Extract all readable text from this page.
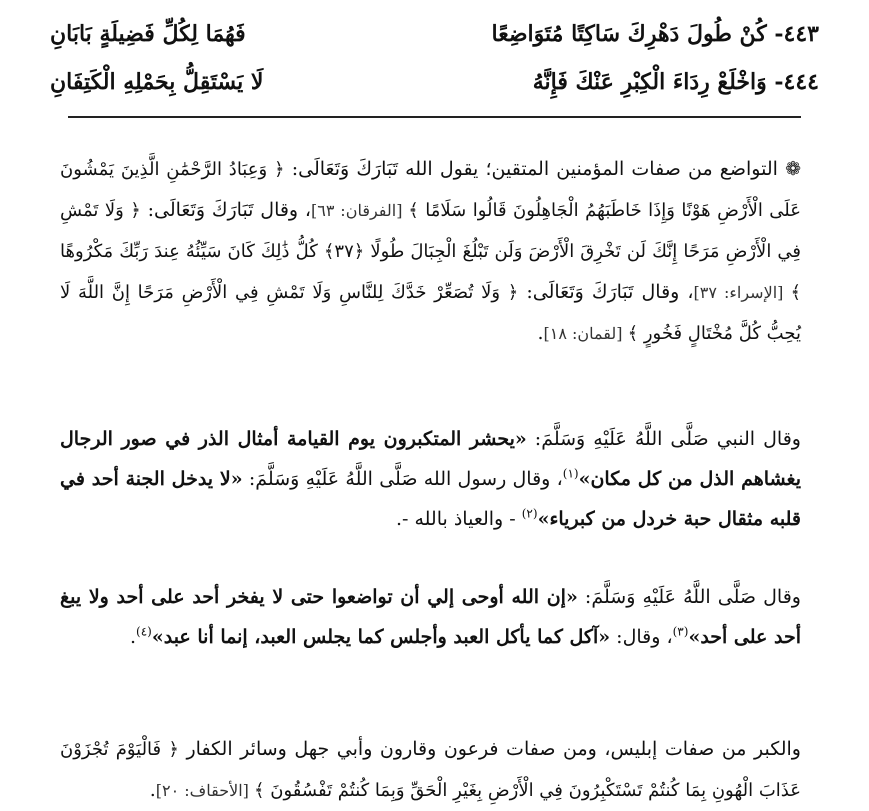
٤٤٣- كُنْ طُولَ دَهْرِكَ سَاكِتًا مُتَوَاضِعًا
فَهُمَا لِكُلِّ فَضِيلَةٍ بَابَانِ
٤٤٤- وَاخْلَعْ رِدَاءَ الْكِبْرِ عَنْكَ فَإِنَّهُ
لَا يَسْتَقِلُّ بِحَمْلِهِ الْكَتِفَانِ

❁ التواضع من صفات المؤمنين المتقين؛ يقول الله تَبَارَكَ وَتَعَالَى: ﴿ وَعِبَادُ الرَّحْمَٰنِ الَّذِينَ يَمْشُونَ عَلَى الْأَرْضِ هَوْنًا وَإِذَا خَاطَبَهُمُ الْجَاهِلُونَ قَالُوا سَلَامًا ﴾ [الفرقان: ٦٣]، وقال تَبَارَكَ وَتَعَالَى: ﴿ وَلَا تَمْشِ فِي الْأَرْضِ مَرَحًا إِنَّكَ لَن تَخْرِقَ الْأَرْضَ وَلَن تَبْلُغَ الْجِبَالَ طُولًا ﴿٣٧﴾ كُلُّ ذَٰلِكَ كَانَ سَيِّئُهُ عِندَ رَبِّكَ مَكْرُوهًا ﴾ [الإسراء: ٣٧]، وقال تَبَارَكَ وَتَعَالَى: ﴿ وَلَا تُصَعِّرْ خَدَّكَ لِلنَّاسِ وَلَا تَمْشِ فِي الْأَرْضِ مَرَحًا إِنَّ اللَّهَ لَا يُحِبُّ كُلَّ مُخْتَالٍ فَخُورٍ ﴾ [لقمان: ١٨].

وقال النبي صَلَّى اللَّهُ عَلَيْهِ وَسَلَّمَ: «يحشر المتكبرون يوم القيامة أمثال الذر في صور الرجال يغشاهم الذل من كل مكان»$^{(١)}$، وقال رسول الله صَلَّى اللَّهُ عَلَيْهِ وَسَلَّمَ: «لا يدخل الجنة أحد في قلبه مثقال حبة خردل من كبرياء»$^{(٢)}$ - والعياذ بالله -.

وقال صَلَّى اللَّهُ عَلَيْهِ وَسَلَّمَ: «إن الله أوحى إلي أن تواضعوا حتى لا يفخر أحد على أحد ولا يبغ أحد على أحد»$^{(٣)}$، وقال: «آكل كما يأكل العبد وأجلس كما يجلس العبد، إنما أنا عبد»$^{(٤)}$.

والكبر من صفات إبليس، ومن صفات فرعون وقارون وأبي جهل وسائر الكفار ﴿ فَالْيَوْمَ تُجْزَوْنَ عَذَابَ الْهُونِ بِمَا كُنتُمْ تَسْتَكْبِرُونَ فِي الْأَرْضِ بِغَيْرِ الْحَقِّ وَبِمَا كُنتُمْ تَفْسُقُونَ ﴾ [الأحقاف: ٢٠].
